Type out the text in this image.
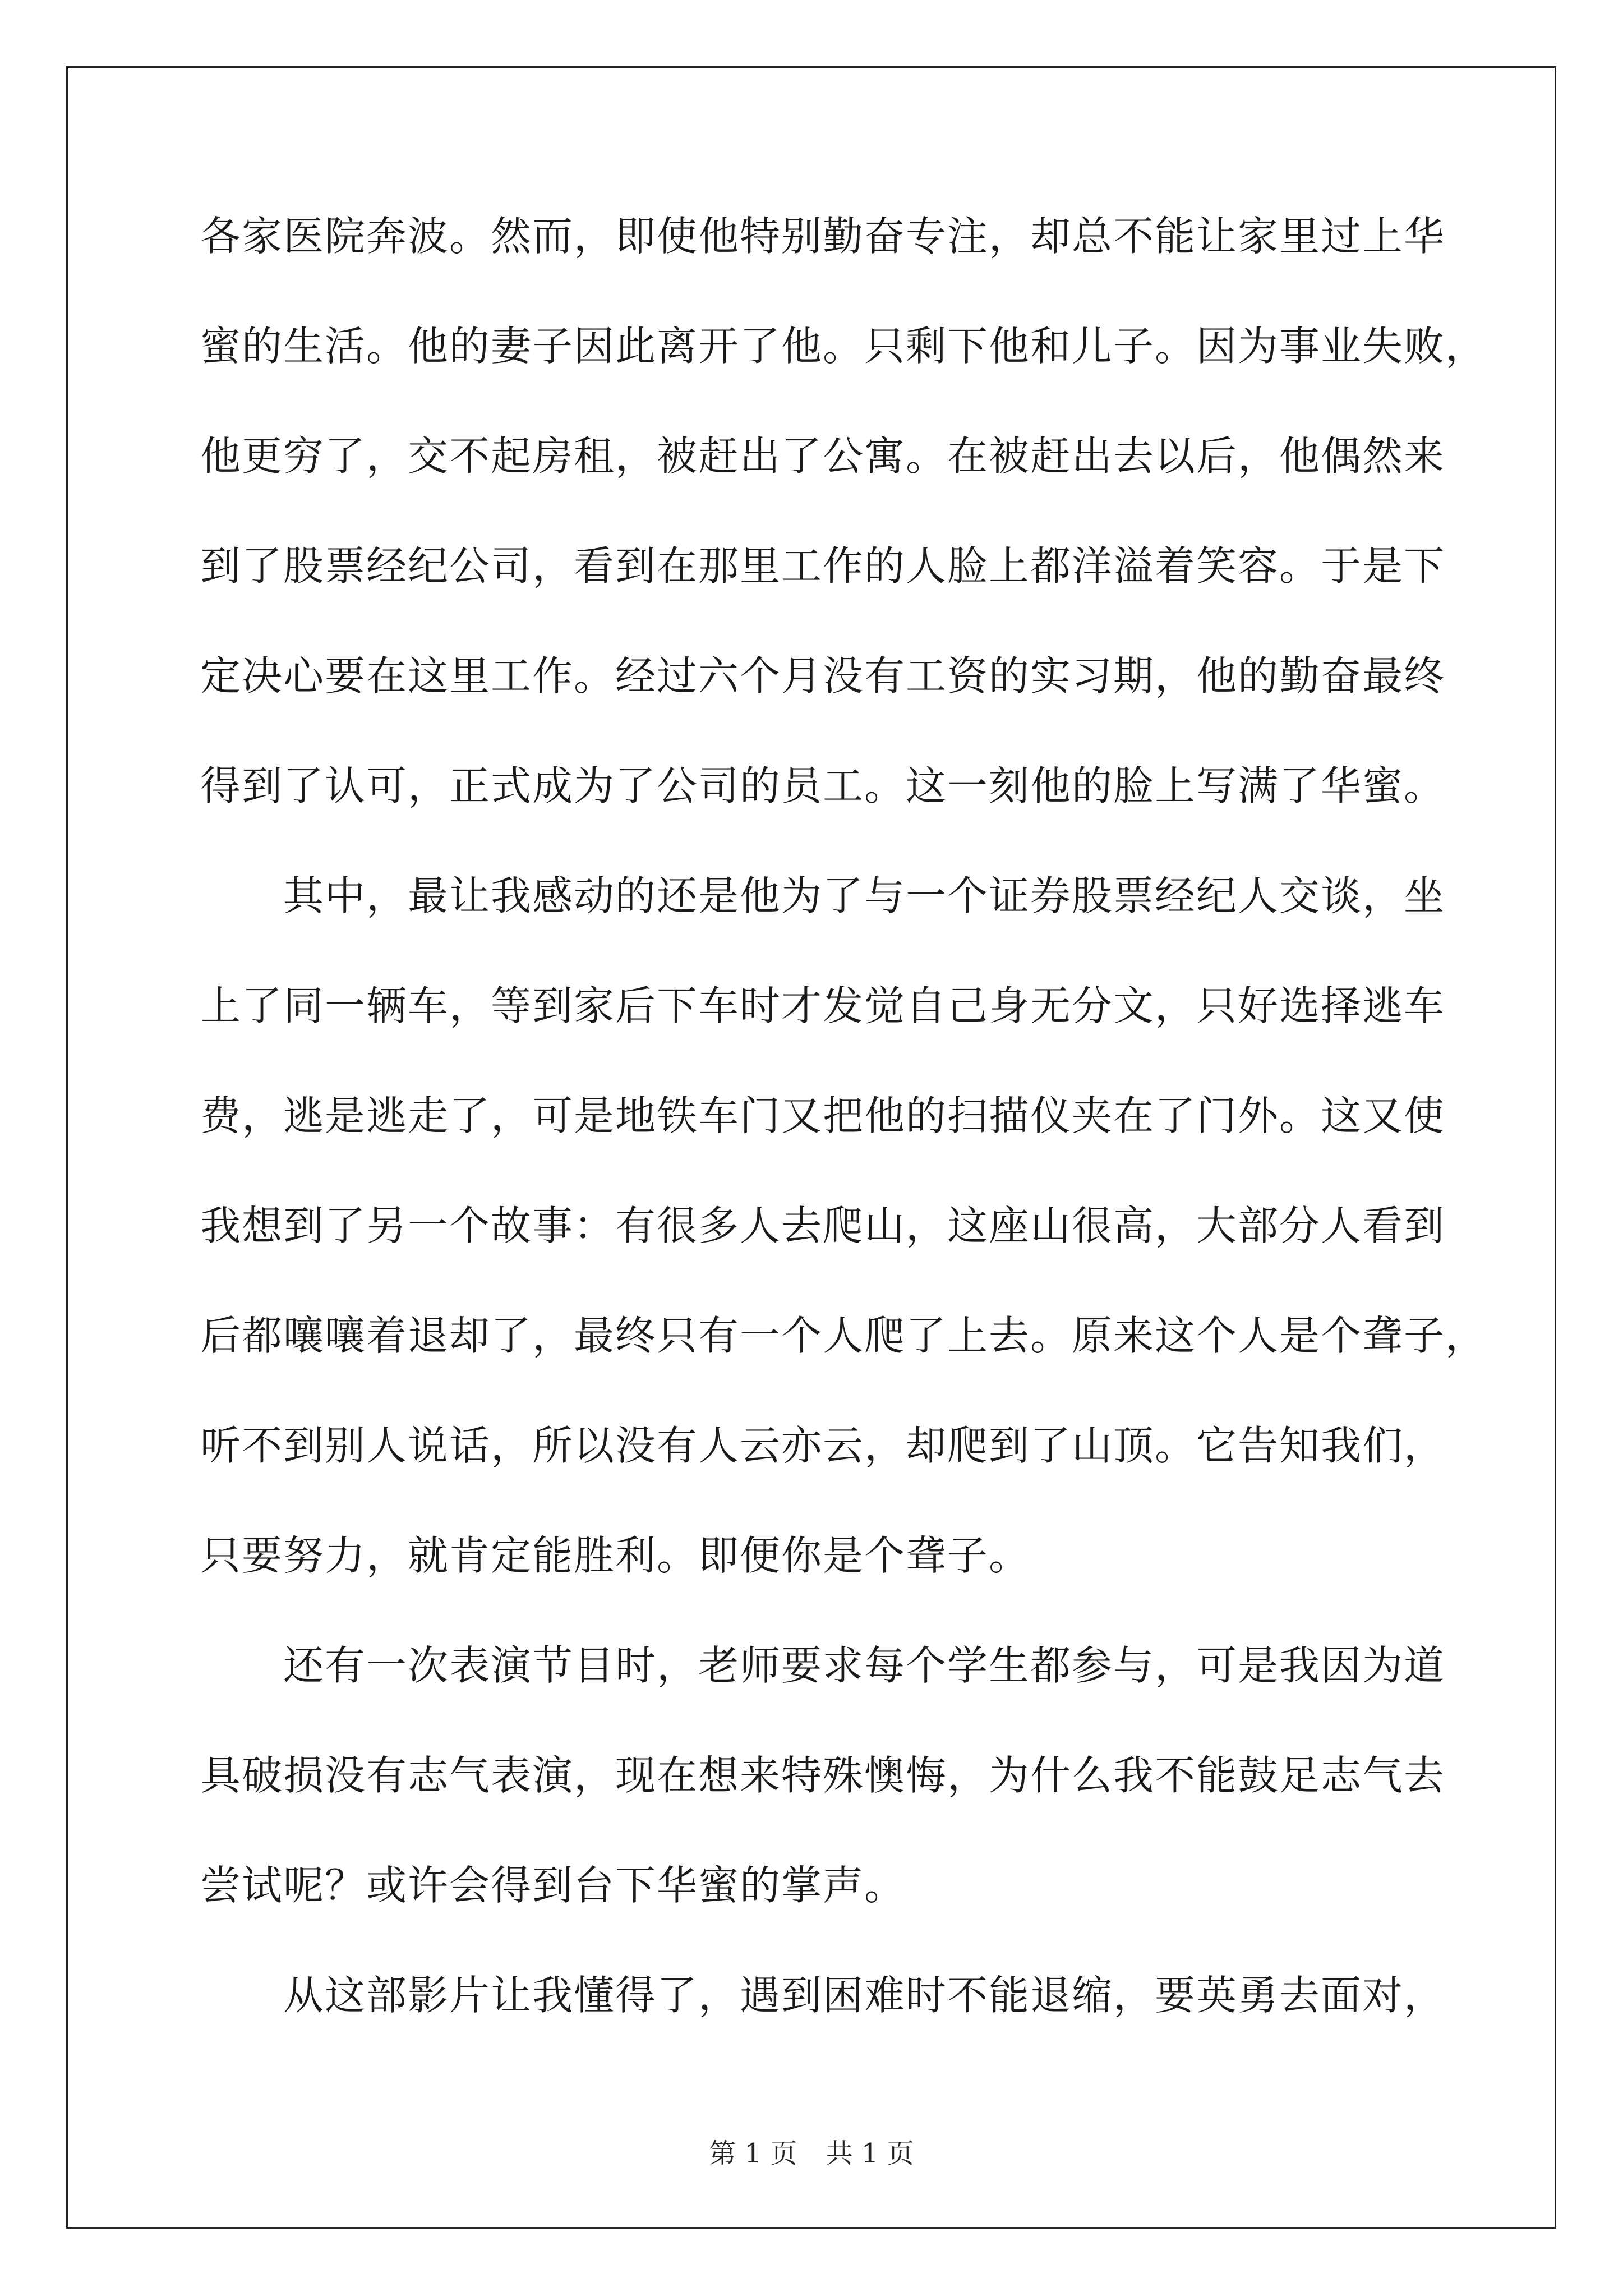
各家医院奔波。然而，即使他特别勤奋专注，却总不能让家里过上华
蜜的生活。他的妻子因此离开了他。只剩下他和儿子。因为事业失败，
他更穷了，交不起房租，被赶出了公寓。在被赶出去以后，他偶然来
到了股票经纪公司，看到在那里工作的人脸上都洋溢着笑容。于是下
定决心要在这里工作。经过六个月没有工资的实习期，他的勤奋最终
得到了认可，正式成为了公司的员工。这一刻他的脸上写满了华蜜。
其中，最让我感动的还是他为了与一个证券股票经纪人交谈，坐
上了同一辆车，等到家后下车时才发觉自己身无分文，只好选择逃车
费，逃是逃走了，可是地铁车门又把他的扫描仪夹在了门外。这又使
我想到了另一个故事：有很多人去爬山，这座山很高，大部分人看到
后都嚷嚷着退却了，最终只有一个人爬了上去。原来这个人是个聋子，
听不到别人说话，所以没有人云亦云，却爬到了山顶。它告知我们，
只要努力，就肯定能胜利。即便你是个聋子。
还有一次表演节目时，老师要求每个学生都参与，可是我因为道
具破损没有志气表演，现在想来特殊懊悔，为什么我不能鼓足志气去
尝试呢？或许会得到台下华蜜的掌声。
从这部影片让我懂得了，遇到困难时不能退缩，要英勇去面对，
第 1 页 共 1 页
